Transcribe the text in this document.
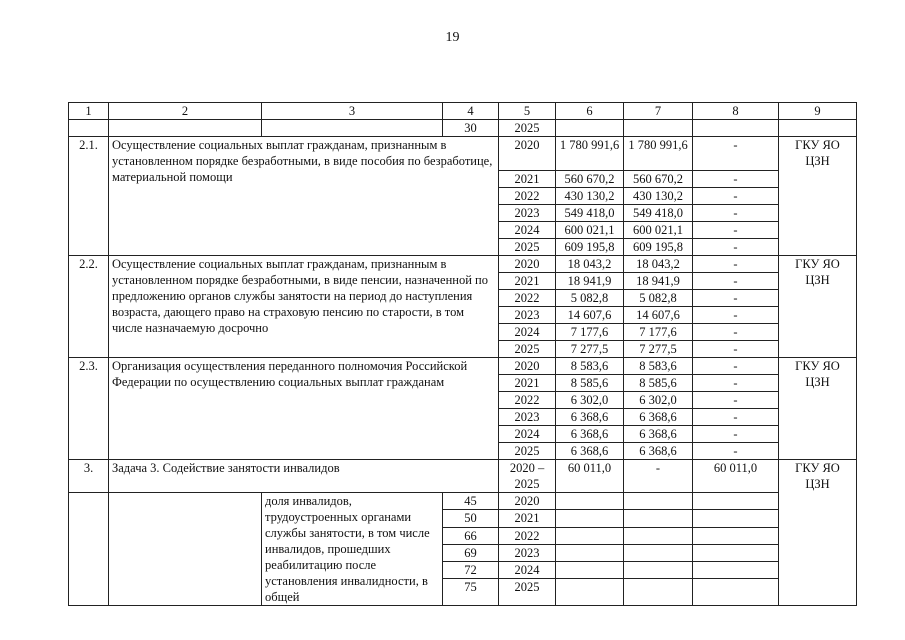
19
1	2	3	4	5	6	7	8	9
			30	2025				
2.1.	Осуществление социальных выплат гражданам, признанным в установленном порядке безработными, в виде пособия по безработице, материальной помощи			2020	1 780 991,6	1 780 991,6	-	ГКУ ЯО ЦЗН
				2021	560 670,2	560 670,2	-	
				2022	430 130,2	430 130,2	-	
				2023	549 418,0	549 418,0	-	
				2024	600 021,1	600 021,1	-	
				2025	609 195,8	609 195,8	-	
2.2.	Осуществление социальных выплат гражданам, признанным в установленном порядке безработными, в виде пенсии, назначенной по предложению органов службы занятости на период до наступления возраста, дающего право на страховую пенсию по старости, в том числе назначаемую досрочно			2020	18 043,2	18 043,2	-	ГКУ ЯО ЦЗН
				2021	18 941,9	18 941,9	-	
				2022	5 082,8	5 082,8	-	
				2023	14 607,6	14 607,6	-	
				2024	7 177,6	7 177,6	-	
				2025	7 277,5	7 277,5	-	
2.3.	Организация осуществления переданного полномочия Российской Федерации по осуществлению социальных выплат гражданам			2020	8 583,6	8 583,6	-	ГКУ ЯО ЦЗН
				2021	8 585,6	8 585,6	-	
				2022	6 302,0	6 302,0	-	
				2023	6 368,6	6 368,6	-	
				2024	6 368,6	6 368,6	-	
				2025	6 368,6	6 368,6	-	
3.	Задача 3. Содействие занятости инвалидов			2020 – 2025	60 011,0	-	60 011,0	ГКУ ЯО ЦЗН
		доля инвалидов, трудоустроенных органами службы занятости, в том числе инвалидов, прошедших реабилитацию после установления инвалидности, в общей	45	2020				
			50	2021				
			66	2022				
			69	2023				
			72	2024				
			75	2025				
